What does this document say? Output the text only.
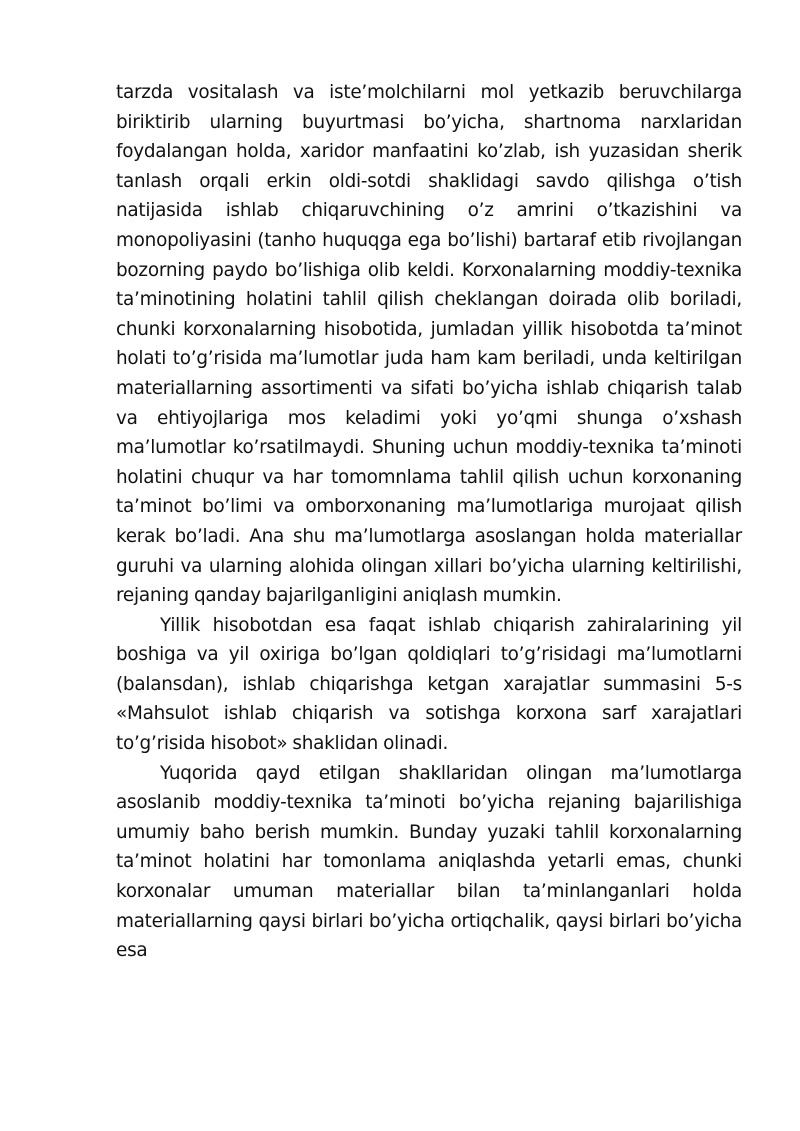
tarzda vositalash va iste’molchilarni mol yetkazib beruvchilarga biriktirib ularning buyurtmasi bo’yicha, shartnoma narxlaridan foydalangan holda, xaridor manfaatini ko’zlab, ish yuzasidan sherik tanlash orqali erkin oldi-sotdi shaklidagi savdo qilishga o’tish natijasida ishlab chiqaruvchining o’z amrini o’tkazishini va monopoliyasini (tanho huquqga ega bo’lishi) bartaraf etib rivojlangan bozorning paydo bo’lishiga olib keldi. Korxonalarning moddiy-texnika ta’minotining holatini tahlil qilish cheklangan doirada olib boriladi, chunki korxonalarning hisobotida, jumladan yillik hisobotda ta’minot holati to’g’risida ma’lumotlar juda ham kam beriladi, unda keltirilgan materiallarning assortimenti va sifati bo’yicha ishlab chiqarish talab va ehtiyojlariga mos keladimi yoki yo’qmi shunga o’xshash ma’lumotlar ko’rsatilmaydi. Shuning uchun moddiy-texnika ta’minoti holatini chuqur va har tomomnlama tahlil qilish uchun korxonaning ta’minot bo’limi va omborxonaning ma’lumotlariga murojaat qilish kerak bo’ladi. Ana shu ma’lumotlarga asoslangan holda materiallar guruhi va ularning alohida olingan xillari bo’yicha ularning keltirilishi, rejaning qanday bajarilganligini aniqlash mumkin.

Yillik hisobotdan esa faqat ishlab chiqarish zahiralarining yil boshiga va yil oxiriga bo’lgan qoldiqlari to’g’risidagi ma’lumotlarni (balansdan), ishlab chiqarishga ketgan xarajatlar summasini 5-s «Mahsulot ishlab chiqarish va sotishga korxona sarf xarajatlari to’g’risida hisobot» shaklidan olinadi.

Yuqorida qayd etilgan shakllaridan olingan ma’lumotlarga asoslanib moddiy-texnika ta’minoti bo’yicha rejaning bajarilishiga umumiy baho berish mumkin. Bunday yuzaki tahlil korxonalarning ta’minot holatini har tomonlama aniqlashda yetarli emas, chunki korxonalar umuman materiallar bilan ta’minlanganlari holda materiallarning qaysi birlari bo’yicha ortiqchalik, qaysi birlari bo’yicha esa
